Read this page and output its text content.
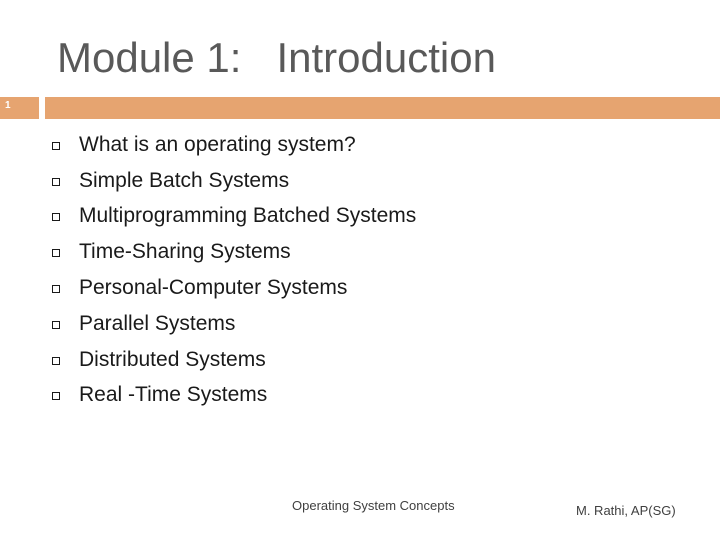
Module 1:   Introduction
1
What is an operating system?
Simple Batch Systems
Multiprogramming Batched Systems
Time-Sharing Systems
Personal-Computer Systems
Parallel Systems
Distributed Systems
Real -Time Systems
Operating System Concepts	M. Rathi, AP(SG)
